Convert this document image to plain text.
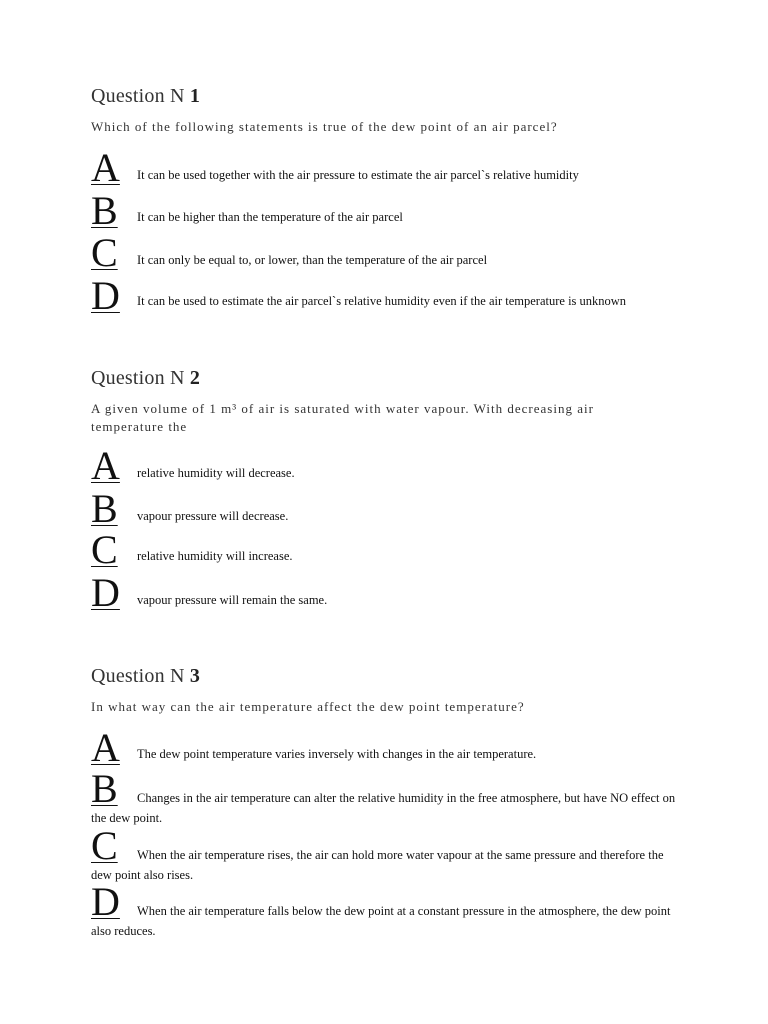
Question N 1
Which of the following statements is true of the dew point of an air parcel?
A It can be used together with the air pressure to estimate the air parcel`s relative humidity
B It can be higher than the temperature of the air parcel
C It can only be equal to, or lower, than the temperature of the air parcel
D It can be used to estimate the air parcel`s relative humidity even if the air temperature is unknown
Question N 2
A given volume of 1 m³ of air is saturated with water vapour. With decreasing air temperature the
A relative humidity will decrease.
B vapour pressure will decrease.
C relative humidity will increase.
D vapour pressure will remain the same.
Question N 3
In what way can the air temperature affect the dew point temperature?
A The dew point temperature varies inversely with changes in the air temperature.
B Changes in the air temperature can alter the relative humidity in the free atmosphere, but have NO effect on the dew point.
C When the air temperature rises, the air can hold more water vapour at the same pressure and therefore the dew point also rises.
D When the air temperature falls below the dew point at a constant pressure in the atmosphere, the dew point also reduces.
